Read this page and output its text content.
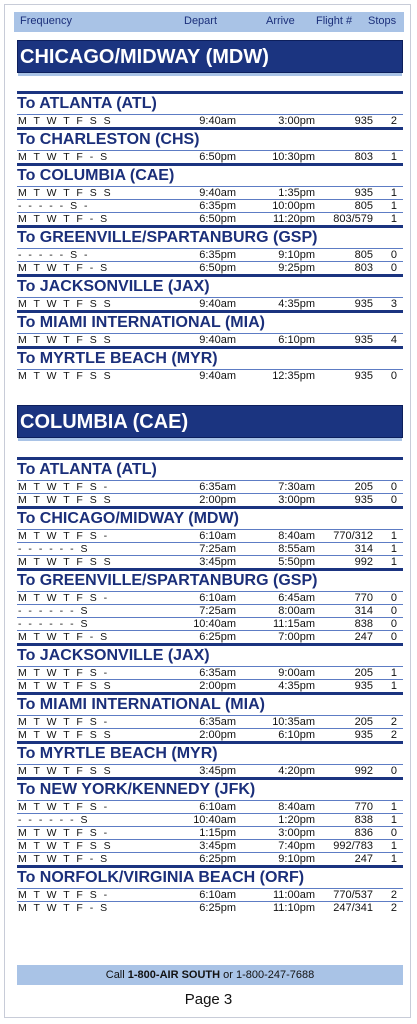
Frequency	Depart	Arrive Flight # Stops
CHICAGO/MIDWAY (MDW)
To ATLANTA (ATL)
M T W T F S S	9:40am	3:00pm	935 2
To CHARLESTON (CHS)
M T W T F - S	6:50pm	10:30pm	803 1
To COLUMBIA (CAE)
M T W T F S S	9:40am	1:35pm	935 1
- - - - - S -	6:35pm	10:00pm	805 1
M T W T F - S	6:50pm	11:20pm 803/579 1
To GREENVILLE/SPARTANBURG (GSP)
- - - - - S -	6:35pm	9:10pm	805 0
M T W T F - S	6:50pm	9:25pm	803 0
To JACKSONVILLE (JAX)
M T W T F S S	9:40am	4:35pm	935 3
To MIAMI INTERNATIONAL (MIA)
M T W T F S S	9:40am	6:10pm	935 4
To MYRTLE BEACH (MYR)
M T W T F S S	9:40am	12:35pm	935 0
COLUMBIA (CAE)
To ATLANTA (ATL)
M T W T F S -	6:35am	7:30am	205 0
M T W T F S S	2:00pm	3:00pm	935 0
To CHICAGO/MIDWAY (MDW)
M T W T F S -	6:10am	8:40am 770/312 1
- - - - - - S	7:25am	8:55am	314 1
M T W T F S S	3:45pm	5:50pm	992 1
To GREENVILLE/SPARTANBURG (GSP)
M T W T F S -	6:10am	6:45am	770 0
- - - - - - S	7:25am	8:00am	314 0
- - - - - - S	10:40am	11:15am	838 0
M T W T F - S	6:25pm	7:00pm	247 0
To JACKSONVILLE (JAX)
M T W T F S -	6:35am	9:00am	205 1
M T W T F S S	2:00pm	4:35pm	935 1
To MIAMI INTERNATIONAL (MIA)
M T W T F S -	6:35am	10:35am	205 2
M T W T F S S	2:00pm	6:10pm	935 2
To MYRTLE BEACH (MYR)
M T W T F S S	3:45pm	4:20pm	992 0
To NEW YORK/KENNEDY (JFK)
M T W T F S -	6:10am	8:40am	770 1
- - - - - - S	10:40am	1:20pm	838 1
M T W T F S -	1:15pm	3:00pm	836 0
M T W T F S S	3:45pm	7:40pm 992/783 1
M T W T F - S	6:25pm	9:10pm	247 1
To NORFOLK/VIRGINIA BEACH (ORF)
M T W T F S -	6:10am	11:00am 770/537 2
M T W T F - S	6:25pm	11:10pm 247/341 2
Call 1-800-AIR SOUTH or 1-800-247-7688
Page 3
